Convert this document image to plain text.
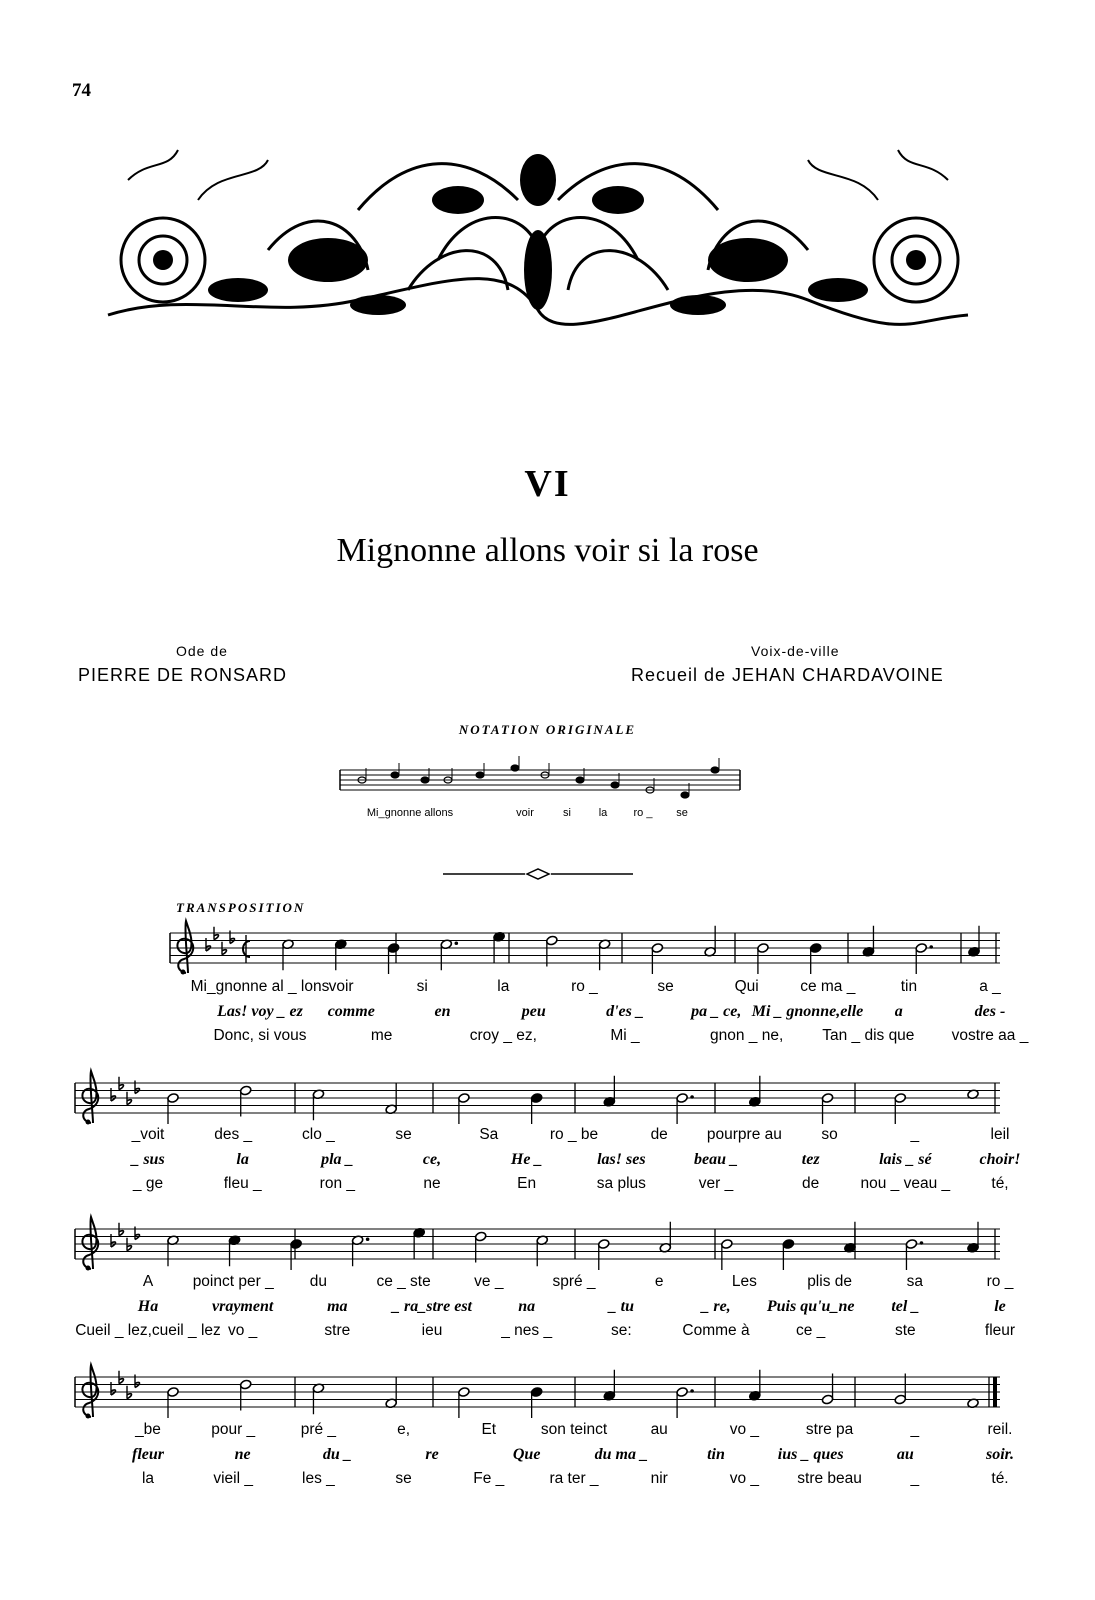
74
VI
Mignonne allons voir si la rose
Ode de
PIERRE DE RONSARD
Voix-de-ville
Recueil de JEHAN CHARDAVOINE
NOTATION ORIGINALE
Mi_gnonne allons	voir	si	la ro _ se
TRANSPOSITION
Mi_gnonne al _ lons voir	si	la	ro _	se	Qui	ce ma _	tin	a _
Las! voy _ ez comme	en	peu	d'es _	pa _ ce, Mi _ gnonne,elle a	des -
Donc, si vous	me	croy _ ez,	Mi _	gnon _ ne,	Tan _ dis que vostre aa _
_voit	des _	clo _	se	Sa	ro _ be	de	pourpre au	so	_	leil
_ sus	la	pla _	ce,	He _	las! ses	beau _	tez	lais _ sé	choir!
_ ge	fleu _	ron _	ne	En	sa plus	ver _	de	nou _ veau _	té,
A	poinct per _ du	ce _ ste	ve _	spré _	e	Les	plis de	sa	ro _
Ha	vrayment	ma	_ ra_stre est	na	_ tu	_ re, Puis qu'u_ne tel _	le
Cueil _ lez,cueil _ lez vo _	stre	ieu	_ nes _	se:	Comme à	ce _	ste	fleur
_be	pour _	pré _	e,	Et	son teinct	au	vo _	stre pa	_	reil.
fleur	ne	du _	re	Que	du ma _	tin	ius _ ques	au	soir.
la	vieil _	les _	se	Fe _	ra ter _	nir	vo _ stre beau	_	té.
